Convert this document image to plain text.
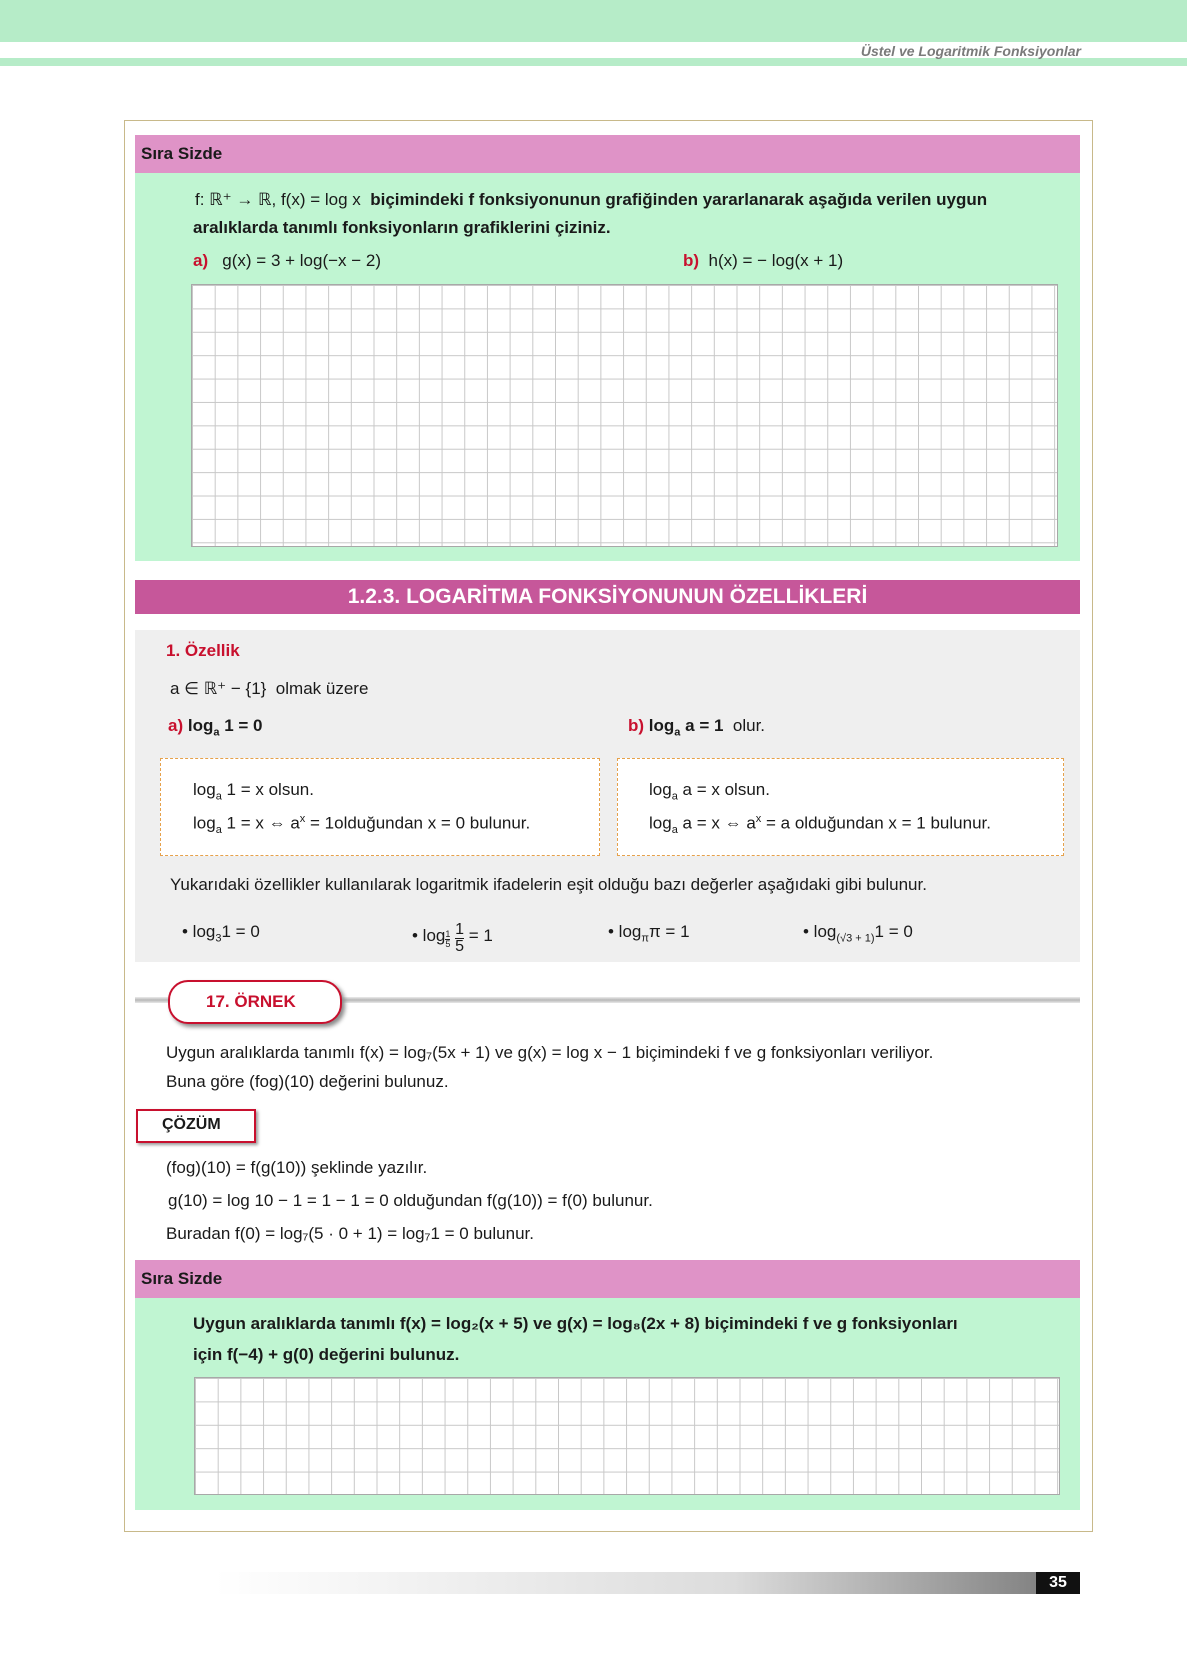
Üstel ve Logaritmik Fonksiyonlar
Sıra Sizde
f: ℝ⁺ → ℝ, f(x) = log x biçimindeki f fonksiyonunun grafiğinden yararlanarak aşağıda verilen uygun
aralıklarda tanımlı fonksiyonların grafiklerini çiziniz.
a) g(x) = 3 + log(−x − 2)	b) h(x) = − log(x + 1)
1.2.3. LOGARİTMA FONKSİYONUNUN ÖZELLİKLERİ
1. Özellik
a ∈ ℝ⁺ − {1} olmak üzere
a) $\log_a 1 = 0$	b) $\log_a a = 1$ olur.
$\log_a 1 = x$ olsun.
$\log_a 1 = x$ ⇔ $a^x$ = 1olduğundan x = 0 bulunur.
$\log_a a = x$ olsun.
$\log_a a = x$ ⇔ $a^x = a$ olduğundan x = 1 bulunur.
Yukarıdaki özellikler kullanılarak logaritmik ifadelerin eşit olduğu bazı değerler aşağıdaki gibi bulunur.
• $\log_31 = 0$	• $\log \frac{1}{5}$
$\frac{1}{5} = 1$	• $\log_\pi\pi = 1$	• $\log_{(√3 + 1)}1 = 0$
17. ÖRNEK
Uygun aralıklarda tanımlı f(x) = log₇(5x + 1) ve g(x) = log x − 1 biçimindeki f ve g fonksiyonları veriliyor.
Buna göre (fog)(10) değerini bulunuz.
ÇÖZÜM
(fog)(10) = f(g(10)) şeklinde yazılır.
g(10) = log 10 − 1 = 1 − 1 = 0 olduğundan f(g(10)) = f(0) bulunur.
Buradan f(0) = log₇(5 · 0 + 1) = log₇1 = 0 bulunur.
Sıra Sizde
Uygun aralıklarda tanımlı f(x) = log₂(x + 5) ve g(x) = log₈(2x + 8) biçimindeki f ve g fonksiyonları
için f(−4) + g(0) değerini bulunuz.
35
